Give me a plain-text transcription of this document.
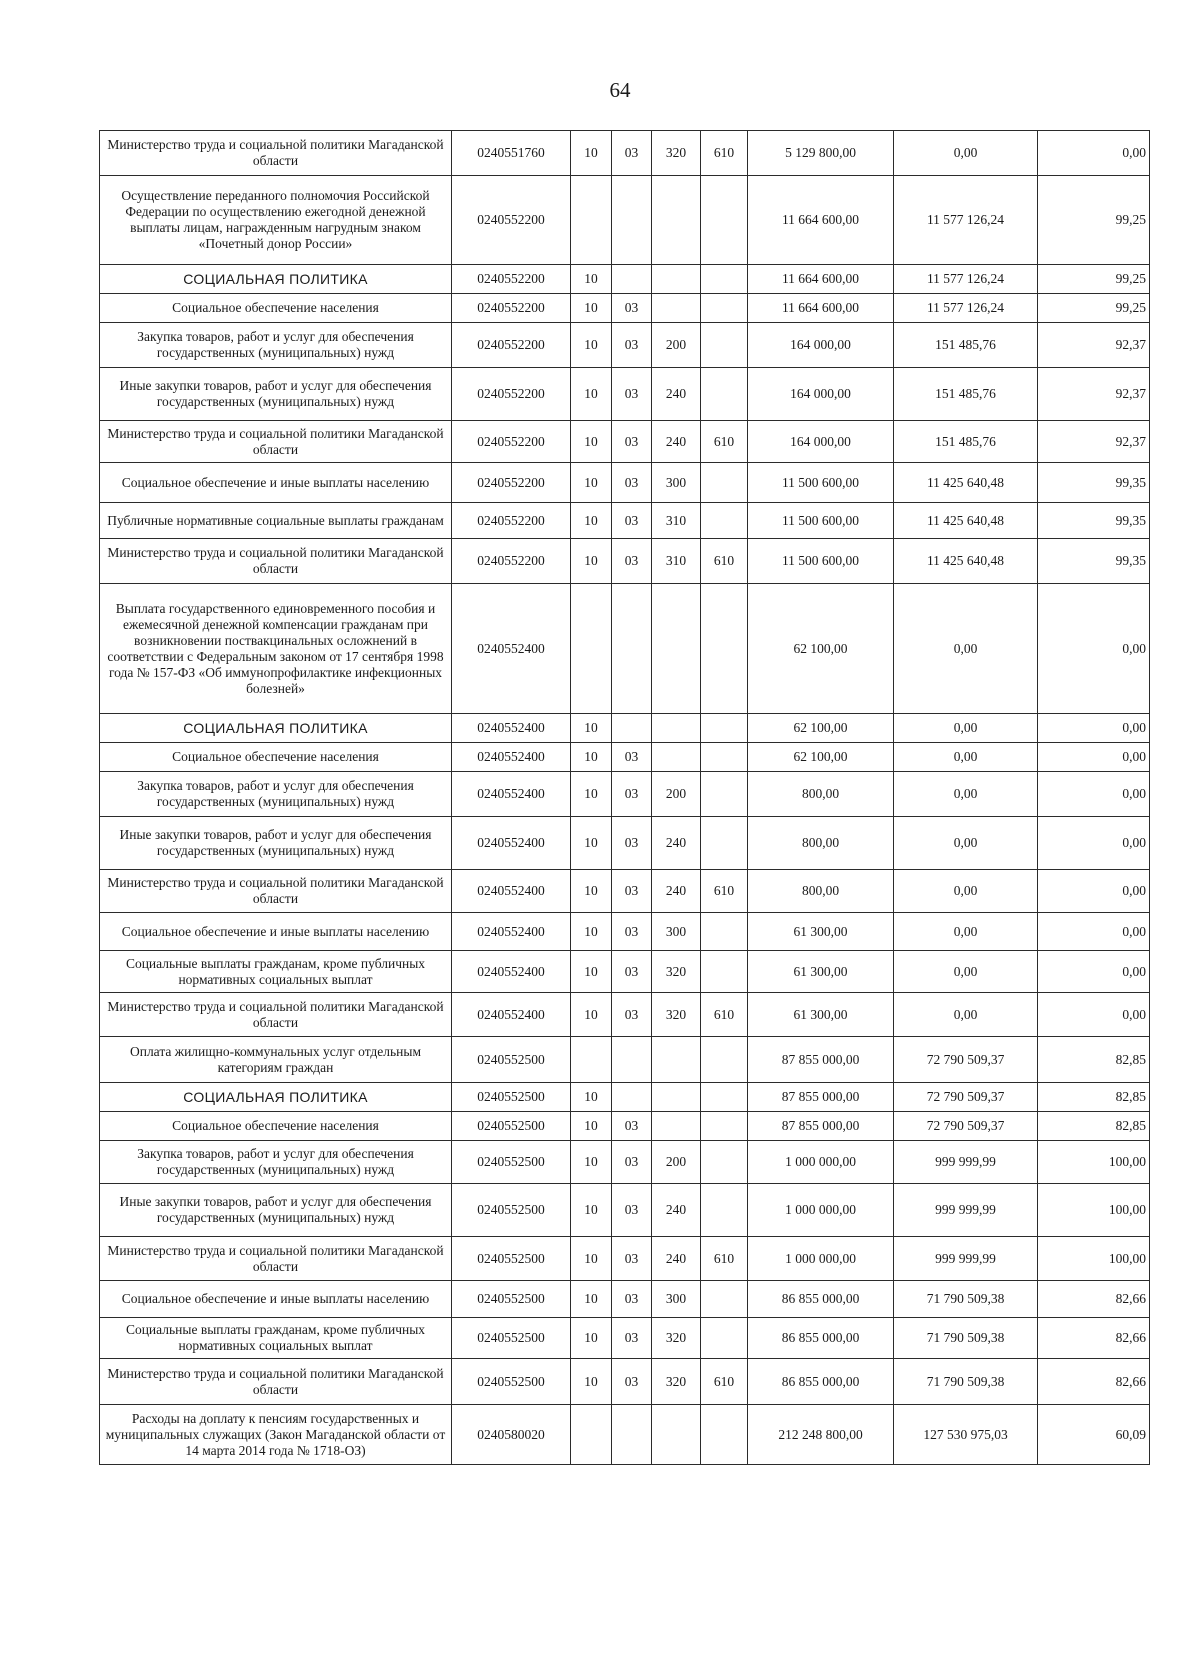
64
Министерство труда и социальной политики Магаданской области	0240551760	10	03	320	610	5 129 800,00	0,00	0,00
Осуществление переданного полномочия Российской Федерации по осуществлению ежегодной денежной выплаты лицам, награжденным нагрудным знаком «Почетный донор России»	0240552200					11 664 600,00	11 577 126,24	99,25
СОЦИАЛЬНАЯ ПОЛИТИКА	0240552200	10				11 664 600,00	11 577 126,24	99,25
Социальное обеспечение населения	0240552200	10	03			11 664 600,00	11 577 126,24	99,25
Закупка товаров, работ и услуг для обеспечения государственных (муниципальных) нужд	0240552200	10	03	200		164 000,00	151 485,76	92,37
Иные закупки товаров, работ и услуг для обеспечения государственных (муниципальных) нужд	0240552200	10	03	240		164 000,00	151 485,76	92,37
Министерство труда и социальной политики Магаданской области	0240552200	10	03	240	610	164 000,00	151 485,76	92,37
Социальное обеспечение и иные выплаты населению	0240552200	10	03	300		11 500 600,00	11 425 640,48	99,35
Публичные нормативные социальные выплаты гражданам	0240552200	10	03	310		11 500 600,00	11 425 640,48	99,35
Министерство труда и социальной политики Магаданской области	0240552200	10	03	310	610	11 500 600,00	11 425 640,48	99,35
Выплата государственного единовременного пособия и ежемесячной денежной компенсации гражданам при возникновении поствакцинальных осложнений в соответствии с Федеральным законом от 17 сентября 1998 года № 157-ФЗ «Об иммунопрофилактике инфекционных болезней»	0240552400					62 100,00	0,00	0,00
СОЦИАЛЬНАЯ ПОЛИТИКА	0240552400	10				62 100,00	0,00	0,00
Социальное обеспечение населения	0240552400	10	03			62 100,00	0,00	0,00
Закупка товаров, работ и услуг для обеспечения государственных (муниципальных) нужд	0240552400	10	03	200		800,00	0,00	0,00
Иные закупки товаров, работ и услуг для обеспечения государственных (муниципальных) нужд	0240552400	10	03	240		800,00	0,00	0,00
Министерство труда и социальной политики Магаданской области	0240552400	10	03	240	610	800,00	0,00	0,00
Социальное обеспечение и иные выплаты населению	0240552400	10	03	300		61 300,00	0,00	0,00
Социальные выплаты гражданам, кроме публичных нормативных социальных выплат	0240552400	10	03	320		61 300,00	0,00	0,00
Министерство труда и социальной политики Магаданской области	0240552400	10	03	320	610	61 300,00	0,00	0,00
Оплата жилищно-коммунальных услуг отдельным категориям граждан	0240552500					87 855 000,00	72 790 509,37	82,85
СОЦИАЛЬНАЯ ПОЛИТИКА	0240552500	10				87 855 000,00	72 790 509,37	82,85
Социальное обеспечение населения	0240552500	10	03			87 855 000,00	72 790 509,37	82,85
Закупка товаров, работ и услуг для обеспечения государственных (муниципальных) нужд	0240552500	10	03	200		1 000 000,00	999 999,99	100,00
Иные закупки товаров, работ и услуг для обеспечения государственных (муниципальных) нужд	0240552500	10	03	240		1 000 000,00	999 999,99	100,00
Министерство труда и социальной политики Магаданской области	0240552500	10	03	240	610	1 000 000,00	999 999,99	100,00
Социальное обеспечение и иные выплаты населению	0240552500	10	03	300		86 855 000,00	71 790 509,38	82,66
Социальные выплаты гражданам, кроме публичных нормативных социальных выплат	0240552500	10	03	320		86 855 000,00	71 790 509,38	82,66
Министерство труда и социальной политики Магаданской области	0240552500	10	03	320	610	86 855 000,00	71 790 509,38	82,66
Расходы на доплату к пенсиям государственных и муниципальных служащих (Закон Магаданской области от 14 марта 2014 года № 1718-ОЗ)	0240580020					212 248 800,00	127 530 975,03	60,09
